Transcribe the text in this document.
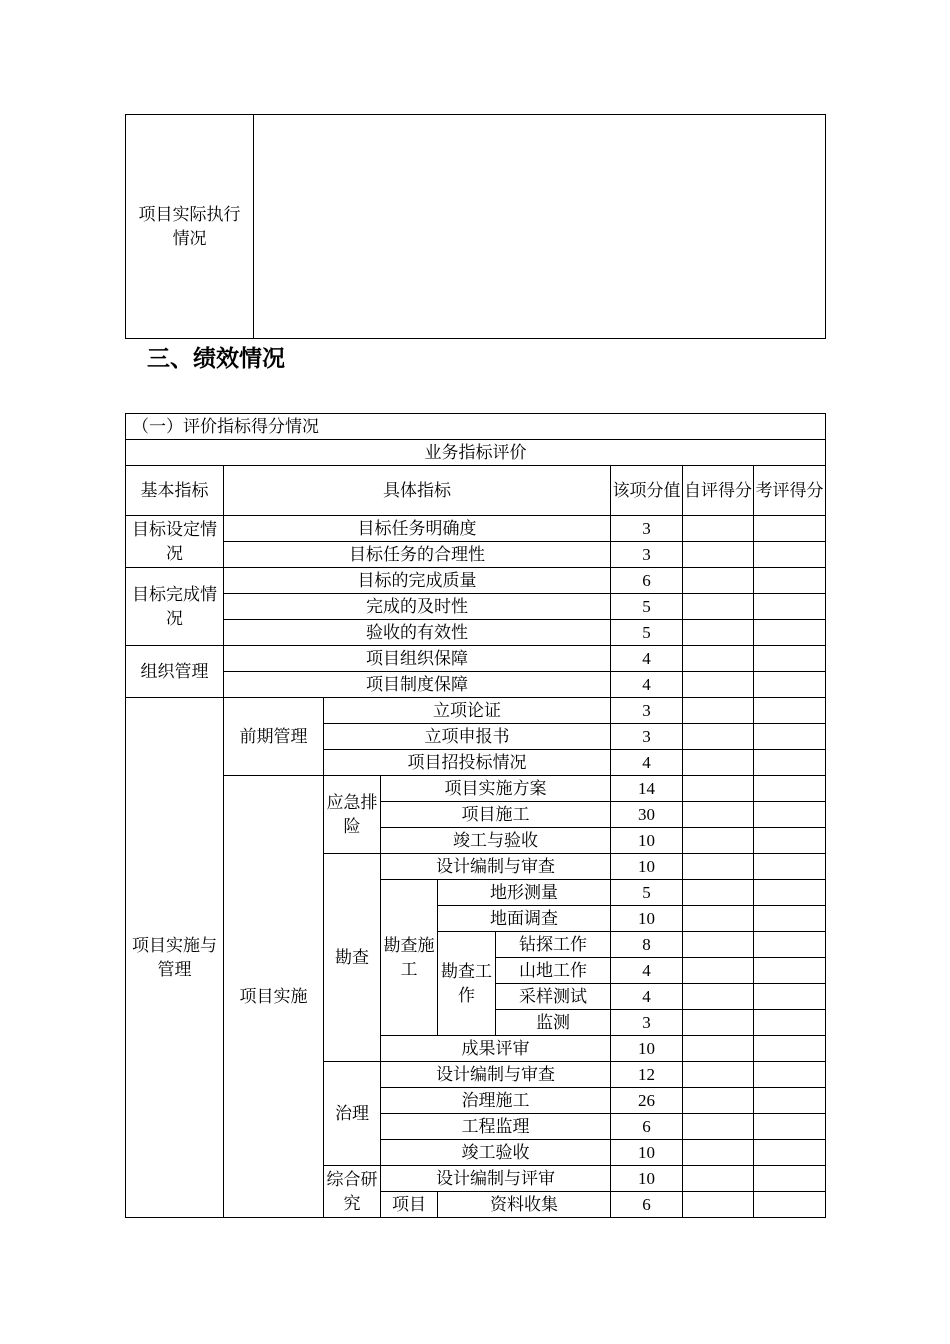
项目实际执行情况
三、绩效情况
（一）评价指标得分情况								
业务指标评价								
基本指标	具体指标					该项分值	自评得分	考评得分
目标设定情况	目标任务明确度					3		
	目标任务的合理性					3		
目标完成情况	目标的完成质量					6		
	完成的及时性					5		
	验收的有效性					5		
组织管理	项目组织保障					4		
	项目制度保障					4		
项目实施与管理	前期管理	立项论证				3		
		立项申报书				3		
		项目招投标情况				4		
	项目实施	应急排险	项目实施方案			14		
			项目施工			30		
			竣工与验收			10		
		勘查	设计编制与审查			10		
			勘查施工	地形测量		5		
				地面调查		10		
				勘查工作	钻探工作	8		
					山地工作	4		
					采样测试	4		
					监测	3		
			成果评审			10		
		治理	设计编制与审查			12		
			治理施工			26		
			工程监理			6		
			竣工验收			10		
		综合研究	设计编制与评审			10		
			项目	资料收集		6		
